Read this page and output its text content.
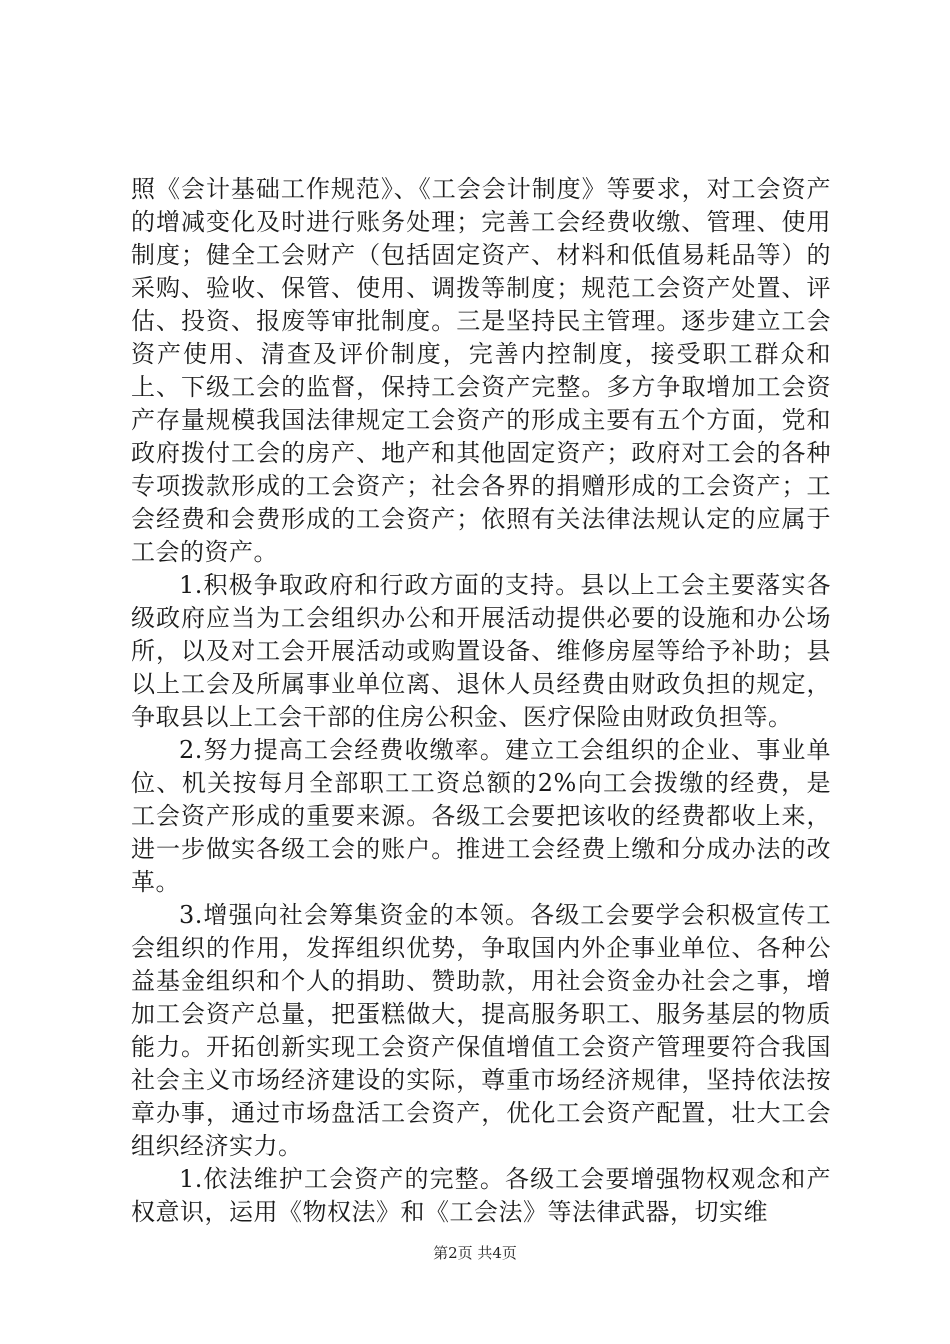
照《会计基础工作规范》、《工会会计制度》等要求，对工会资产的增减变化及时进行账务处理；完善工会经费收缴、管理、使用制度；健全工会财产（包括固定资产、材料和低值易耗品等）的采购、验收、保管、使用、调拨等制度；规范工会资产处置、评估、投资、报废等审批制度。三是坚持民主管理。逐步建立工会资产使用、清查及评价制度，完善内控制度，接受职工群众和上、下级工会的监督，保持工会资产完整。多方争取增加工会资产存量规模我国法律规定工会资产的形成主要有五个方面，党和政府拨付工会的房产、地产和其他固定资产；政府对工会的各种专项拨款形成的工会资产；社会各界的捐赠形成的工会资产；工会经费和会费形成的工会资产；依照有关法律法规认定的应属于工会的资产。

1.积极争取政府和行政方面的支持。县以上工会主要落实各级政府应当为工会组织办公和开展活动提供必要的设施和办公场所，以及对工会开展活动或购置设备、维修房屋等给予补助；县以上工会及所属事业单位离、退休人员经费由财政负担的规定，争取县以上工会干部的住房公积金、医疗保险由财政负担等。

2.努力提高工会经费收缴率。建立工会组织的企业、事业单位、机关按每月全部职工工资总额的2%向工会拨缴的经费，是工会资产形成的重要来源。各级工会要把该收的经费都收上来，进一步做实各级工会的账户。推进工会经费上缴和分成办法的改革。

3.增强向社会筹集资金的本领。各级工会要学会积极宣传工会组织的作用，发挥组织优势，争取国内外企事业单位、各种公益基金组织和个人的捐助、赞助款，用社会资金办社会之事，增加工会资产总量，把蛋糕做大，提高服务职工、服务基层的物质能力。开拓创新实现工会资产保值增值工会资产管理要符合我国社会主义市场经济建设的实际，尊重市场经济规律，坚持依法按章办事，通过市场盘活工会资产，优化工会资产配置，壮大工会组织经济实力。

1.依法维护工会资产的完整。各级工会要增强物权观念和产权意识，运用《物权法》和《工会法》等法律武器，切实维

第2页 共4页
